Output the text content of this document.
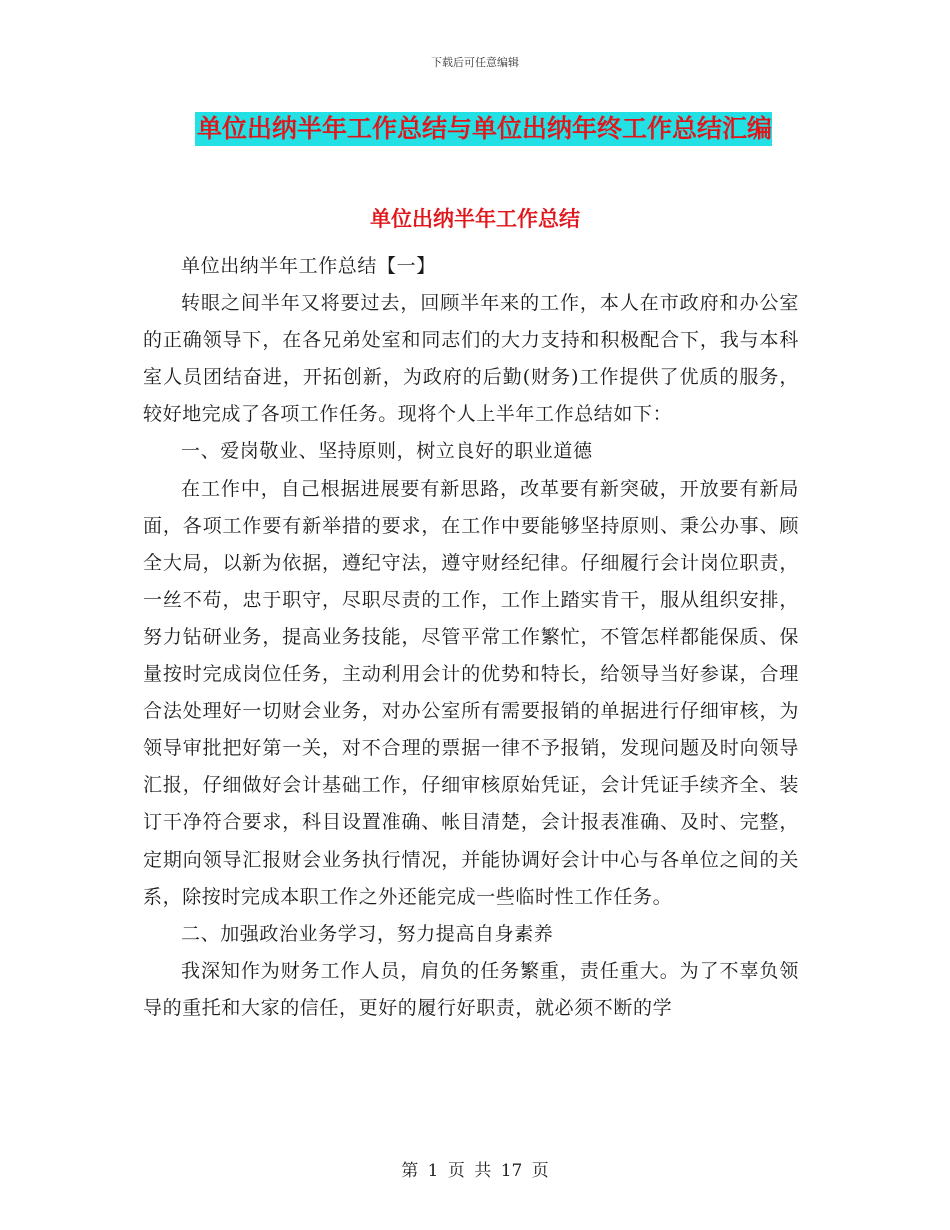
下载后可任意编辑
单位出纳半年工作总结与单位出纳年终工作总结汇编
单位出纳半年工作总结

单位出纳半年工作总结【一】

转眼之间半年又将要过去，回顾半年来的工作，本人在市政府和办公室的正确领导下，在各兄弟处室和同志们的大力支持和积极配合下，我与本科室人员团结奋进，开拓创新，为政府的后勤(财务)工作提供了优质的服务，较好地完成了各项工作任务。现将个人上半年工作总结如下：

一、爱岗敬业、坚持原则，树立良好的职业道德

在工作中，自己根据进展要有新思路，改革要有新突破，开放要有新局面，各项工作要有新举措的要求，在工作中要能够坚持原则、秉公办事、顾全大局，以新为依据，遵纪守法，遵守财经纪律。仔细履行会计岗位职责，一丝不苟，忠于职守，尽职尽责的工作，工作上踏实肯干，服从组织安排，努力钻研业务，提高业务技能，尽管平常工作繁忙，不管怎样都能保质、保量按时完成岗位任务，主动利用会计的优势和特长，给领导当好参谋，合理合法处理好一切财会业务，对办公室所有需要报销的单据进行仔细审核，为领导审批把好第一关，对不合理的票据一律不予报销，发现问题及时向领导汇报，仔细做好会计基础工作，仔细审核原始凭证，会计凭证手续齐全、装订干净符合要求，科目设置准确、帐目清楚，会计报表准确、及时、完整，定期向领导汇报财会业务执行情况，并能协调好会计中心与各单位之间的关系，除按时完成本职工作之外还能完成一些临时性工作任务。

二、加强政治业务学习，努力提高自身素养

我深知作为财务工作人员，肩负的任务繁重，责任重大。为了不辜负领导的重托和大家的信任，更好的履行好职责，就必须不断的学

第 1 页 共 17 页
